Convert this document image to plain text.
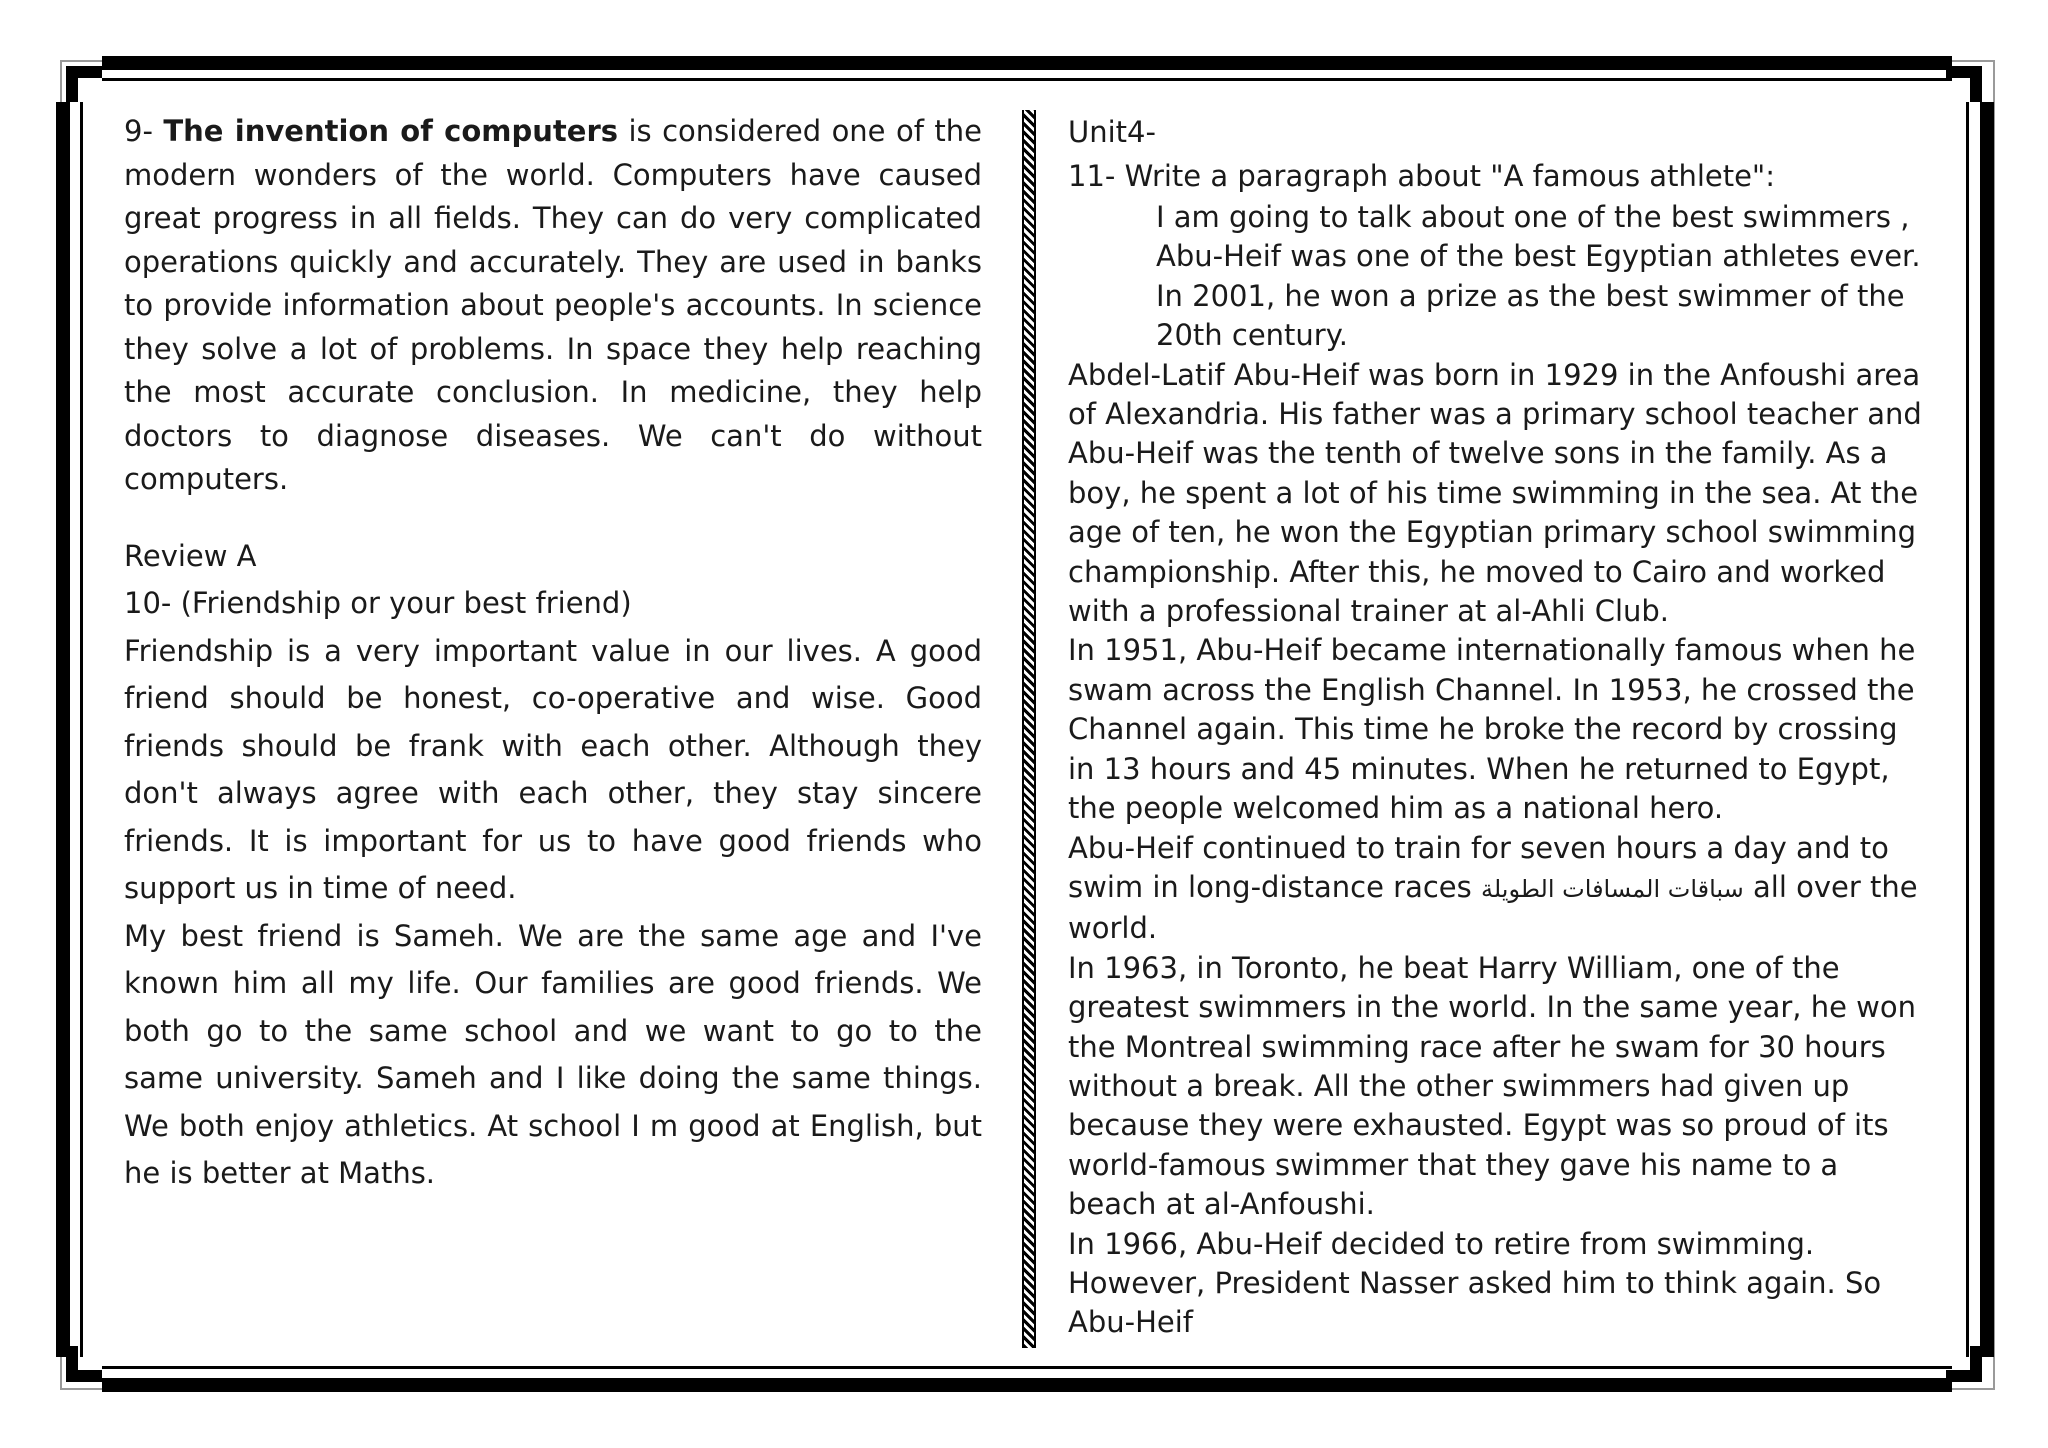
9- The invention of computers is considered one of the modern wonders of the world. Computers have caused great progress in all fields. They can do very complicated operations quickly and accurately. They are used in banks to provide information about people's accounts. In science they solve a lot of problems. In space they help reaching the most accurate conclusion. In medicine, they help doctors to diagnose diseases. We can't do without computers.

Review A

10- (Friendship or your best friend)

Friendship is a very important value in our lives. A good friend should be honest, co-operative and wise. Good friends should be frank with each other. Although they don't always agree with each other, they stay sincere friends. It is important for us to have good friends who support us in time of need.

My best friend is Sameh. We are the same age and I've known him all my life. Our families are good friends. We both go to the same school and we want to go to the same university. Sameh and I like doing the same things. We both enjoy athletics. At school I m good at English, but he is better at Maths.

Unit4-

11- Write a paragraph about "A famous athlete":

I am going to talk about one of the best swimmers , Abu-Heif was one of the best Egyptian athletes ever. In 2001, he won a prize as the best swimmer of the 20th century.

Abdel-Latif Abu-Heif was born in 1929 in the Anfoushi area of Alexandria. His father was a primary school teacher and Abu-Heif was the tenth of twelve sons in the family. As a boy, he spent a lot of his time swimming in the sea. At the age of ten, he won the Egyptian primary school swimming championship. After this, he moved to Cairo and worked with a professional trainer at al-Ahli Club.

In 1951, Abu-Heif became internationally famous when he swam across the English Channel. In 1953, he crossed the Channel again. This time he broke the record by crossing in 13 hours and 45 minutes. When he returned to Egypt, the people welcomed him as a national hero.

Abu-Heif continued to train for seven hours a day and to swim in long-distance races سباقات المسافات الطويلة all over the world.

In 1963, in Toronto, he beat Harry William, one of the greatest swimmers in the world. In the same year, he won the Montreal swimming race after he swam for 30 hours without a break. All the other swimmers had given up because they were exhausted. Egypt was so proud of its world-famous swimmer that they gave his name to a beach at al-Anfoushi.

In 1966, Abu-Heif decided to retire from swimming. However, President Nasser asked him to think again. So Abu-Heif
